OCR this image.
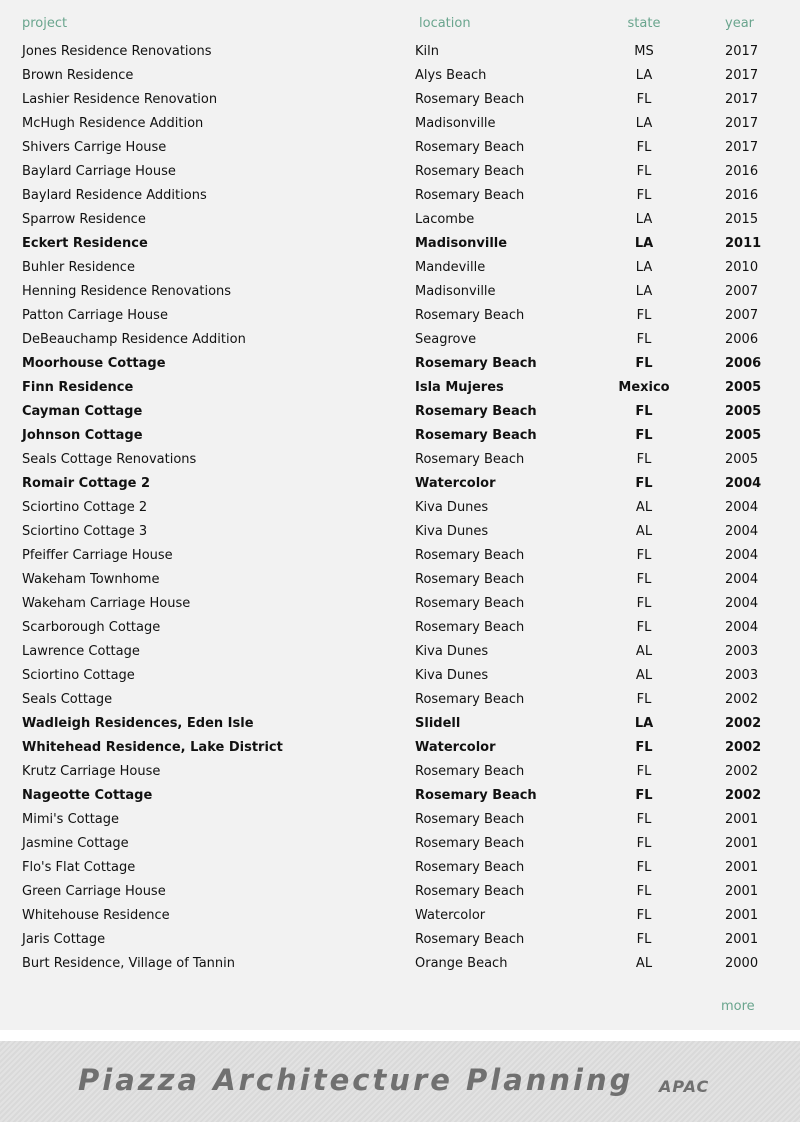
project	location	state	year
Jones Residence Renovations	Kiln	MS	2017
Brown Residence	Alys Beach	LA	2017
Lashier Residence Renovation	Rosemary Beach	FL	2017
McHugh Residence Addition	Madisonville	LA	2017
Shivers Carrige House	Rosemary Beach	FL	2017
Baylard Carriage House	Rosemary Beach	FL	2016
Baylard Residence Additions	Rosemary Beach	FL	2016
Sparrow Residence	Lacombe	LA	2015
Eckert Residence	Madisonville	LA	2011
Buhler Residence	Mandeville	LA	2010
Henning Residence Renovations	Madisonville	LA	2007
Patton Carriage House	Rosemary Beach	FL	2007
DeBeauchamp Residence Addition	Seagrove	FL	2006
Moorhouse Cottage	Rosemary Beach	FL	2006
Finn Residence	Isla Mujeres	Mexico	2005
Cayman Cottage	Rosemary Beach	FL	2005
Johnson Cottage	Rosemary Beach	FL	2005
Seals Cottage Renovations	Rosemary Beach	FL	2005
Romair Cottage 2	Watercolor	FL	2004
Sciortino Cottage 2	Kiva Dunes	AL	2004
Sciortino Cottage 3	Kiva Dunes	AL	2004
Pfeiffer Carriage House	Rosemary Beach	FL	2004
Wakeham Townhome	Rosemary Beach	FL	2004
Wakeham Carriage House	Rosemary Beach	FL	2004
Scarborough Cottage	Rosemary Beach	FL	2004
Lawrence Cottage	Kiva Dunes	AL	2003
Sciortino Cottage	Kiva Dunes	AL	2003
Seals Cottage	Rosemary Beach	FL	2002
Wadleigh Residences, Eden Isle	Slidell	LA	2002
Whitehead Residence, Lake District	Watercolor	FL	2002
Krutz Carriage House	Rosemary Beach	FL	2002
Nageotte Cottage	Rosemary Beach	FL	2002
Mimi's Cottage	Rosemary Beach	FL	2001
Jasmine Cottage	Rosemary Beach	FL	2001
Flo's Flat Cottage	Rosemary Beach	FL	2001
Green Carriage House	Rosemary Beach	FL	2001
Whitehouse Residence	Watercolor	FL	2001
Jaris Cottage	Rosemary Beach	FL	2001
Burt Residence, Village of Tannin	Orange Beach	AL	2000
more
Piazza Architecture Planning APAC
